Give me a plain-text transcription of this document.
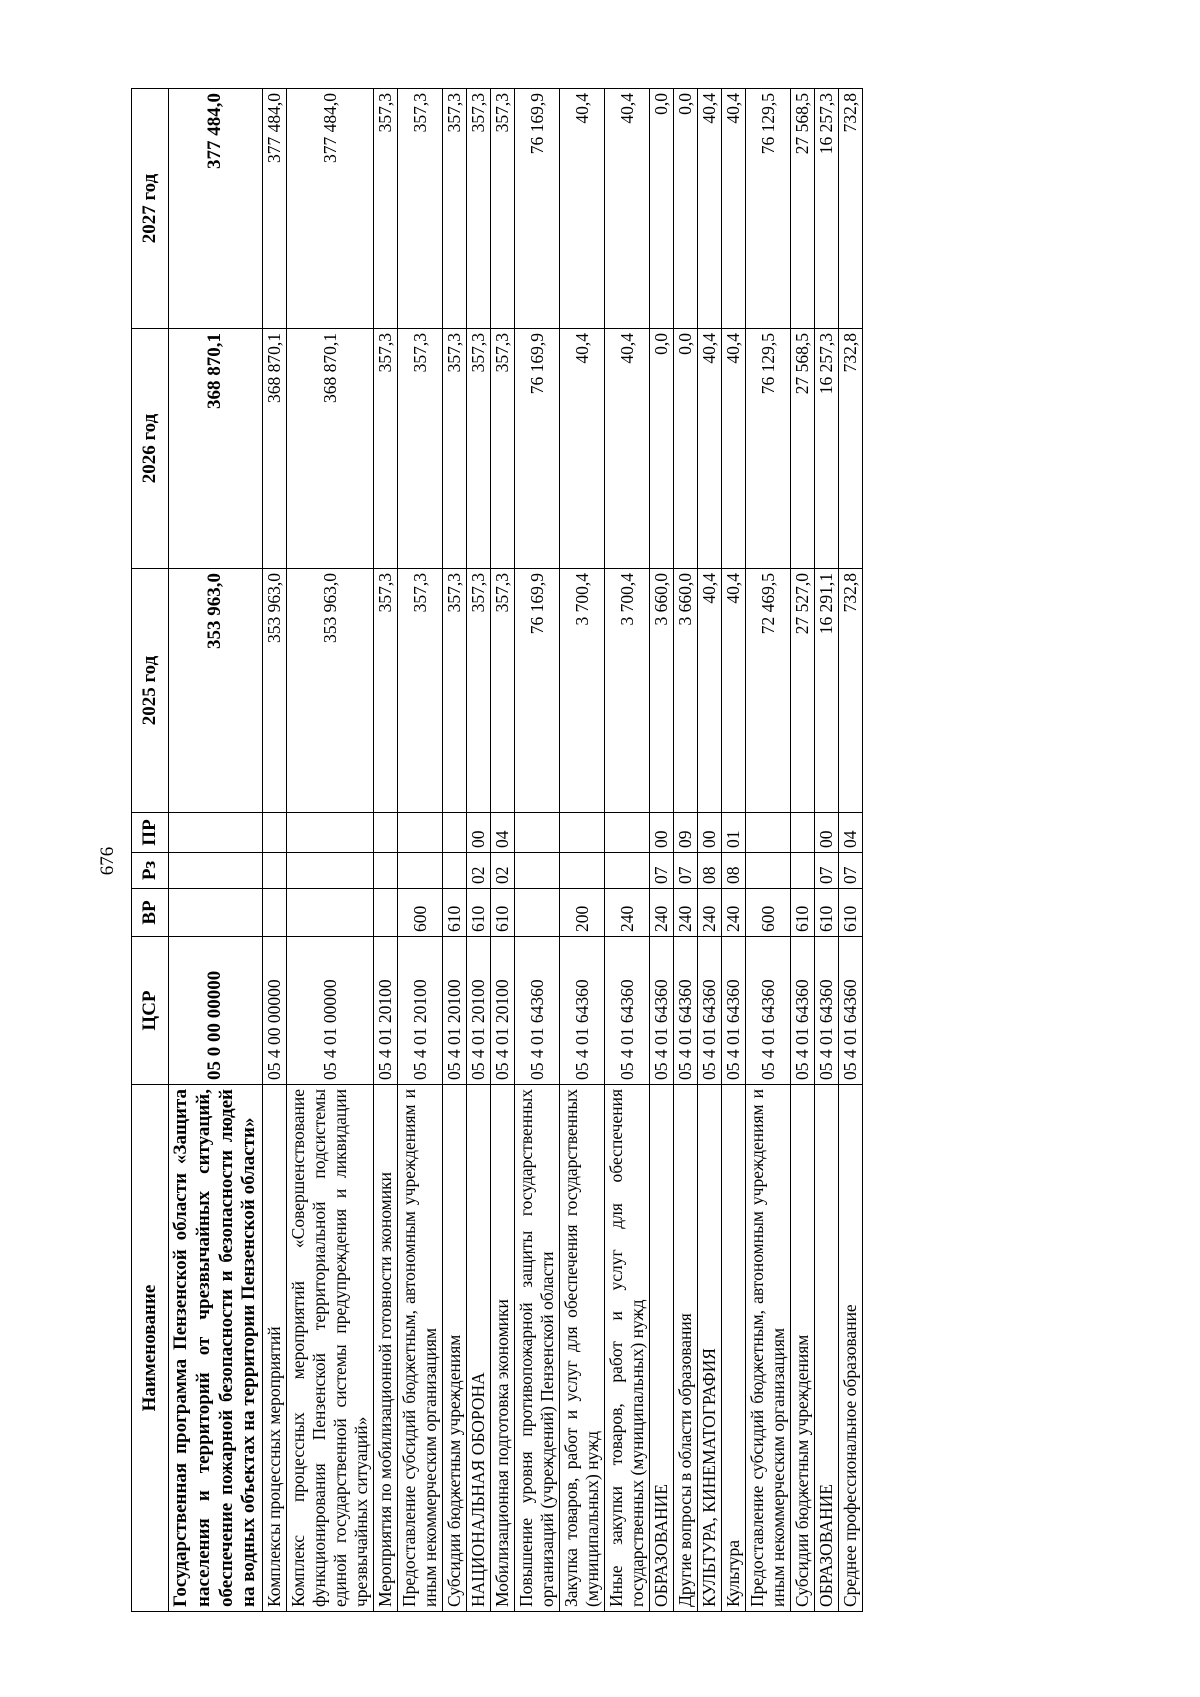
676
Наименование	ЦСР	ВР	Рз	ПР	2025 год	2026 год	2027 год
Государственная программа Пензенской области «Защита населения и территорий от чрезвычайных ситуаций, обеспечение пожарной безопасности и безопасности людей на водных объектах на территории Пензенской области»	05 0 00 00000				353 963,0	368 870,1	377 484,0
Комплексы процессных мероприятий	05 4 00 00000				353 963,0	368 870,1	377 484,0
Комплекс процессных мероприятий «Совершенствование функционирования Пензенской территориальной подсистемы единой государственной системы предупреждения и ликвидации чрезвычайных ситуаций»	05 4 01 00000				353 963,0	368 870,1	377 484,0
Мероприятия по мобилизационной готовности экономики	05 4 01 20100				357,3	357,3	357,3
Предоставление субсидий бюджетным, автономным учреждениям и иным некоммерческим организациям	05 4 01 20100	600			357,3	357,3	357,3
Субсидии бюджетным учреждениям	05 4 01 20100	610			357,3	357,3	357,3
НАЦИОНАЛЬНАЯ ОБОРОНА	05 4 01 20100	610	02	00	357,3	357,3	357,3
Мобилизационная подготовка экономики	05 4 01 20100	610	02	04	357,3	357,3	357,3
Повышение уровня противопожарной защиты государственных организаций (учреждений) Пензенской области	05 4 01 64360				76 169,9	76 169,9	76 169,9
Закупка товаров, работ и услуг для обеспечения государственных (муниципальных) нужд	05 4 01 64360	200			3 700,4	40,4	40,4
Иные закупки товаров, работ и услуг для обеспечения государственных (муниципальных) нужд	05 4 01 64360	240			3 700,4	40,4	40,4
ОБРАЗОВАНИЕ	05 4 01 64360	240	07	00	3 660,0	0,0	0,0
Другие вопросы в области образования	05 4 01 64360	240	07	09	3 660,0	0,0	0,0
КУЛЬТУРА, КИНЕМАТОГРАФИЯ	05 4 01 64360	240	08	00	40,4	40,4	40,4
Культура	05 4 01 64360	240	08	01	40,4	40,4	40,4
Предоставление субсидий бюджетным, автономным учреждениям и иным некоммерческим организациям	05 4 01 64360	600			72 469,5	76 129,5	76 129,5
Субсидии бюджетным учреждениям	05 4 01 64360	610			27 527,0	27 568,5	27 568,5
ОБРАЗОВАНИЕ	05 4 01 64360	610	07	00	16 291,1	16 257,3	16 257,3
Среднее профессиональное образование	05 4 01 64360	610	07	04	732,8	732,8	732,8
